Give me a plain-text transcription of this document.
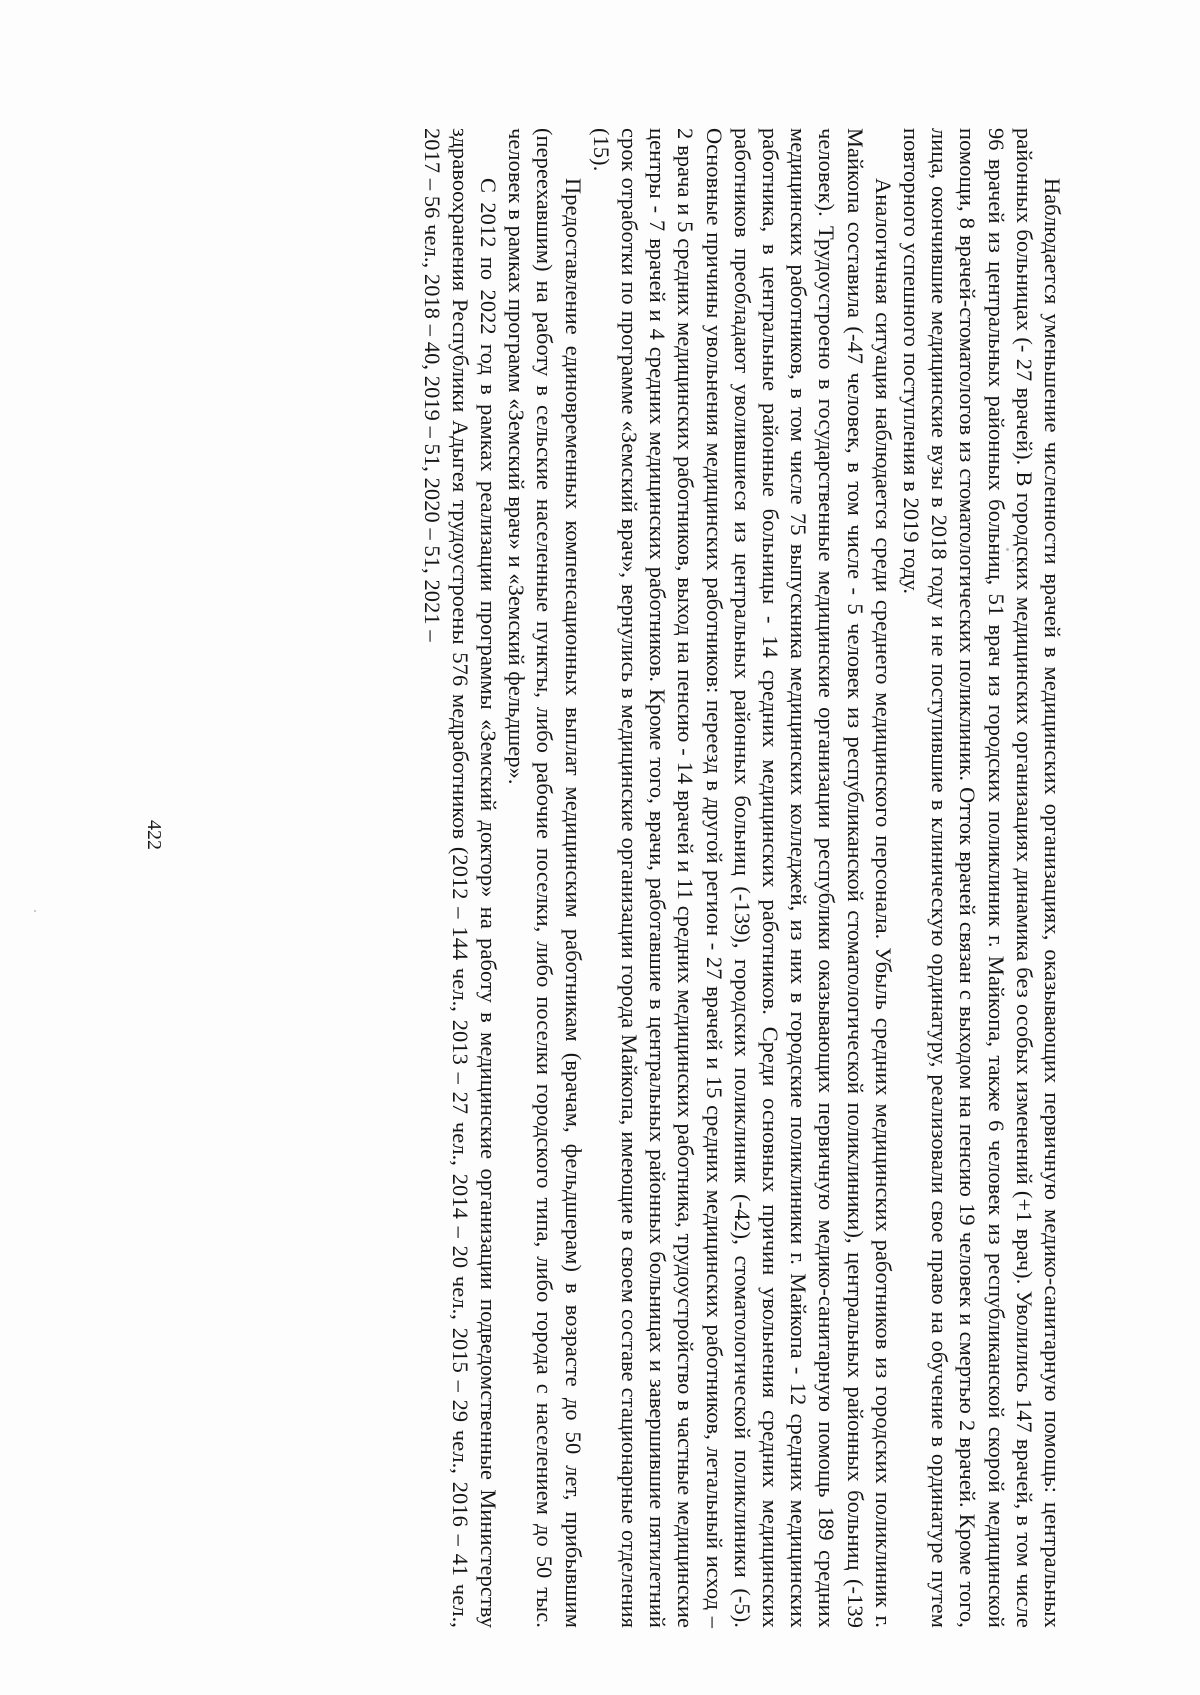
422	Наблюдается уменьшение численности врачей в медицинских организациях, оказывающих первичную медико-санитарную помощь: центральных районных больницах (- 27 врачей). В городских медицинских организациях динамика без особых изменений (+1 врач). Уволились 147 врачей, в том числе 96 врачей из центральных районных больниц, 51 врач из городских поликлиник г. Майкопа, также 6 человек из республиканской скорой медицинской помощи, 8 врачей-стоматологов из стоматологических поликлиник. Отток врачей связан с выходом на пенсию 19 человек и смертью 2 врачей. Кроме того, лица, окончившие медицинские вузы в 2018 году и не поступившие в клиническую ординатуру, реализовали свое право на обучение в ординатуре путем повторного успешного поступления в 2019 году.

Аналогичная ситуация наблюдается среди среднего медицинского персонала. Убыль средних медицинских работников из городских поликлиник г. Майкопа составила (-47 человек, в том числе - 5 человек из республиканской стоматологической поликлиники), центральных районных больниц (-139 человек). Трудоустроено в государственные медицинские организации республики оказывающих первичную медико-санитарную помощь 189 средних медицинских работников, в том числе 75 выпускника медицинских колледжей, из них в городские поликлиники г. Майкопа - 12 средних медицинских работника, в центральные районные больницы - 14 средних медицинских работников. Среди основных причин увольнения средних медицинских работников преобладают уволившиеся из центральных районных больниц (-139), городских поликлиник (-42), стоматологической поликлиники (-5). Основные причины увольнения медицинских работников: переезд в другой регион - 27 врачей и 15 средних медицинских работников, летальный исход – 2 врача и 5 средних медицинских работников, выход на пенсию - 14 врачей и 11 средних медицинских работника, трудоустройство в частные медицинские центры - 7 врачей и 4 средних медицинских работников. Кроме того, врачи, работавшие в центральных районных больницах и завершившие пятилетний срок отработки по программе «Земский врач», вернулись в медицинские организации города Майкопа, имеющие в своем составе стационарные отделения (15).

Предоставление единовременных компенсационных выплат медицинским работникам (врачам, фельдшерам) в возрасте до 50 лет, прибывшим (переехавшим) на работу в сельские населенные пункты, либо рабочие поселки, либо поселки городского типа, либо города с населением до 50 тыс. человек в рамках программ «Земский врач» и «Земский фельдшер».

С 2012 по 2022 год в рамках реализации программы «Земский доктор» на работу в медицинские организации подведомственные Министерству здравоохранения Республики Адыгея трудоустроены 576 медработников (2012 – 144 чел., 2013 – 27 чел., 2014 – 20 чел., 2015 – 29 чел., 2016 – 41 чел., 2017 – 56 чел., 2018 – 40, 2019 – 51, 2020 – 51, 2021 –
